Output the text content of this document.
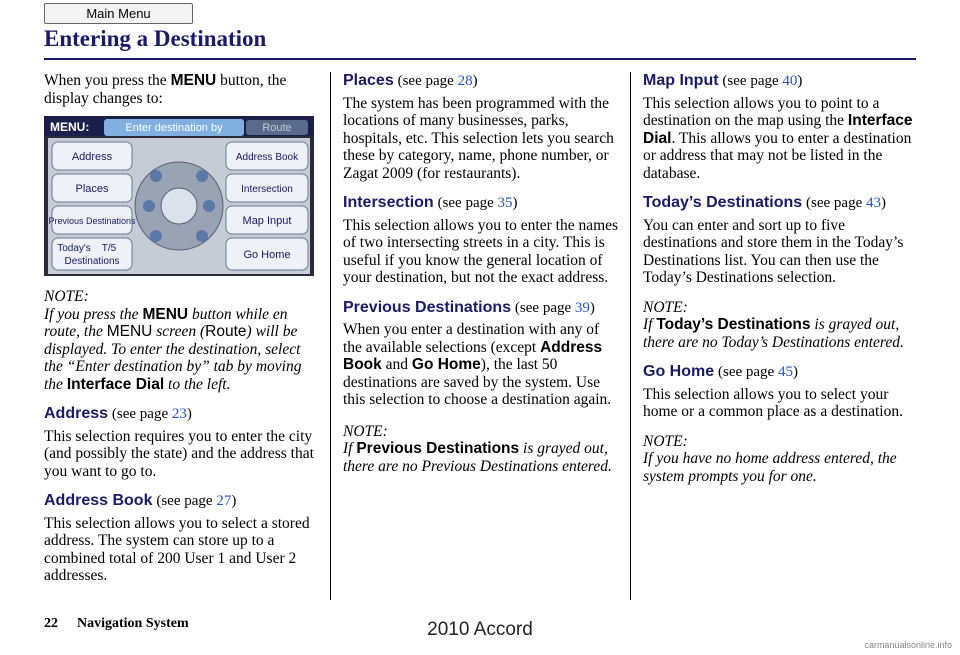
Main Menu
Entering a Destination

When you press the MENU button, the display changes to:

MENU:	Enter destination by	Route
Address
Places
Previous Destinations
Today's T/5
Destinations
Address Book
Intersection
Map Input
Go Home

NOTE:
If you press the MENU button while en route, the MENU screen (Route) will be displayed. To enter the destination, select the “Enter destination by” tab by moving the Interface Dial to the left.

Address (see page 23)

This selection requires you to enter the city (and possibly the state) and the address that you want to go to.

Address Book (see page 27)

This selection allows you to select a stored address. The system can store up to a combined total of 200 User 1 and User 2 addresses.

Places (see page 28)

The system has been programmed with the locations of many businesses, parks, hospitals, etc. This selection lets you search these by category, name, phone number, or Zagat 2009 (for restaurants).

Intersection (see page 35)

This selection allows you to enter the names of two intersecting streets in a city. This is useful if you know the general location of your destination, but not the exact address.

Previous Destinations (see page 39)

When you enter a destination with any of the available selections (except Address Book and Go Home), the last 50 destinations are saved by the system. Use this selection to choose a destination again.

NOTE:
If Previous Destinations is grayed out, there are no Previous Destinations entered.

Map Input (see page 40)

This selection allows you to point to a destination on the map using the Interface Dial. This allows you to enter a destination or address that may not be listed in the database.

Today’s Destinations (see page 43)

You can enter and sort up to five destinations and store them in the Today’s Destinations list. You can then use the Today’s Destinations selection.

NOTE:
If Today’s Destinations is grayed out, there are no Today’s Destinations entered.

Go Home (see page 45)

This selection allows you to select your home or a common place as a destination.

NOTE:
If you have no home address entered, the system prompts you for one.

22 Navigation System	2010 Accord
carmanualsonline.info
